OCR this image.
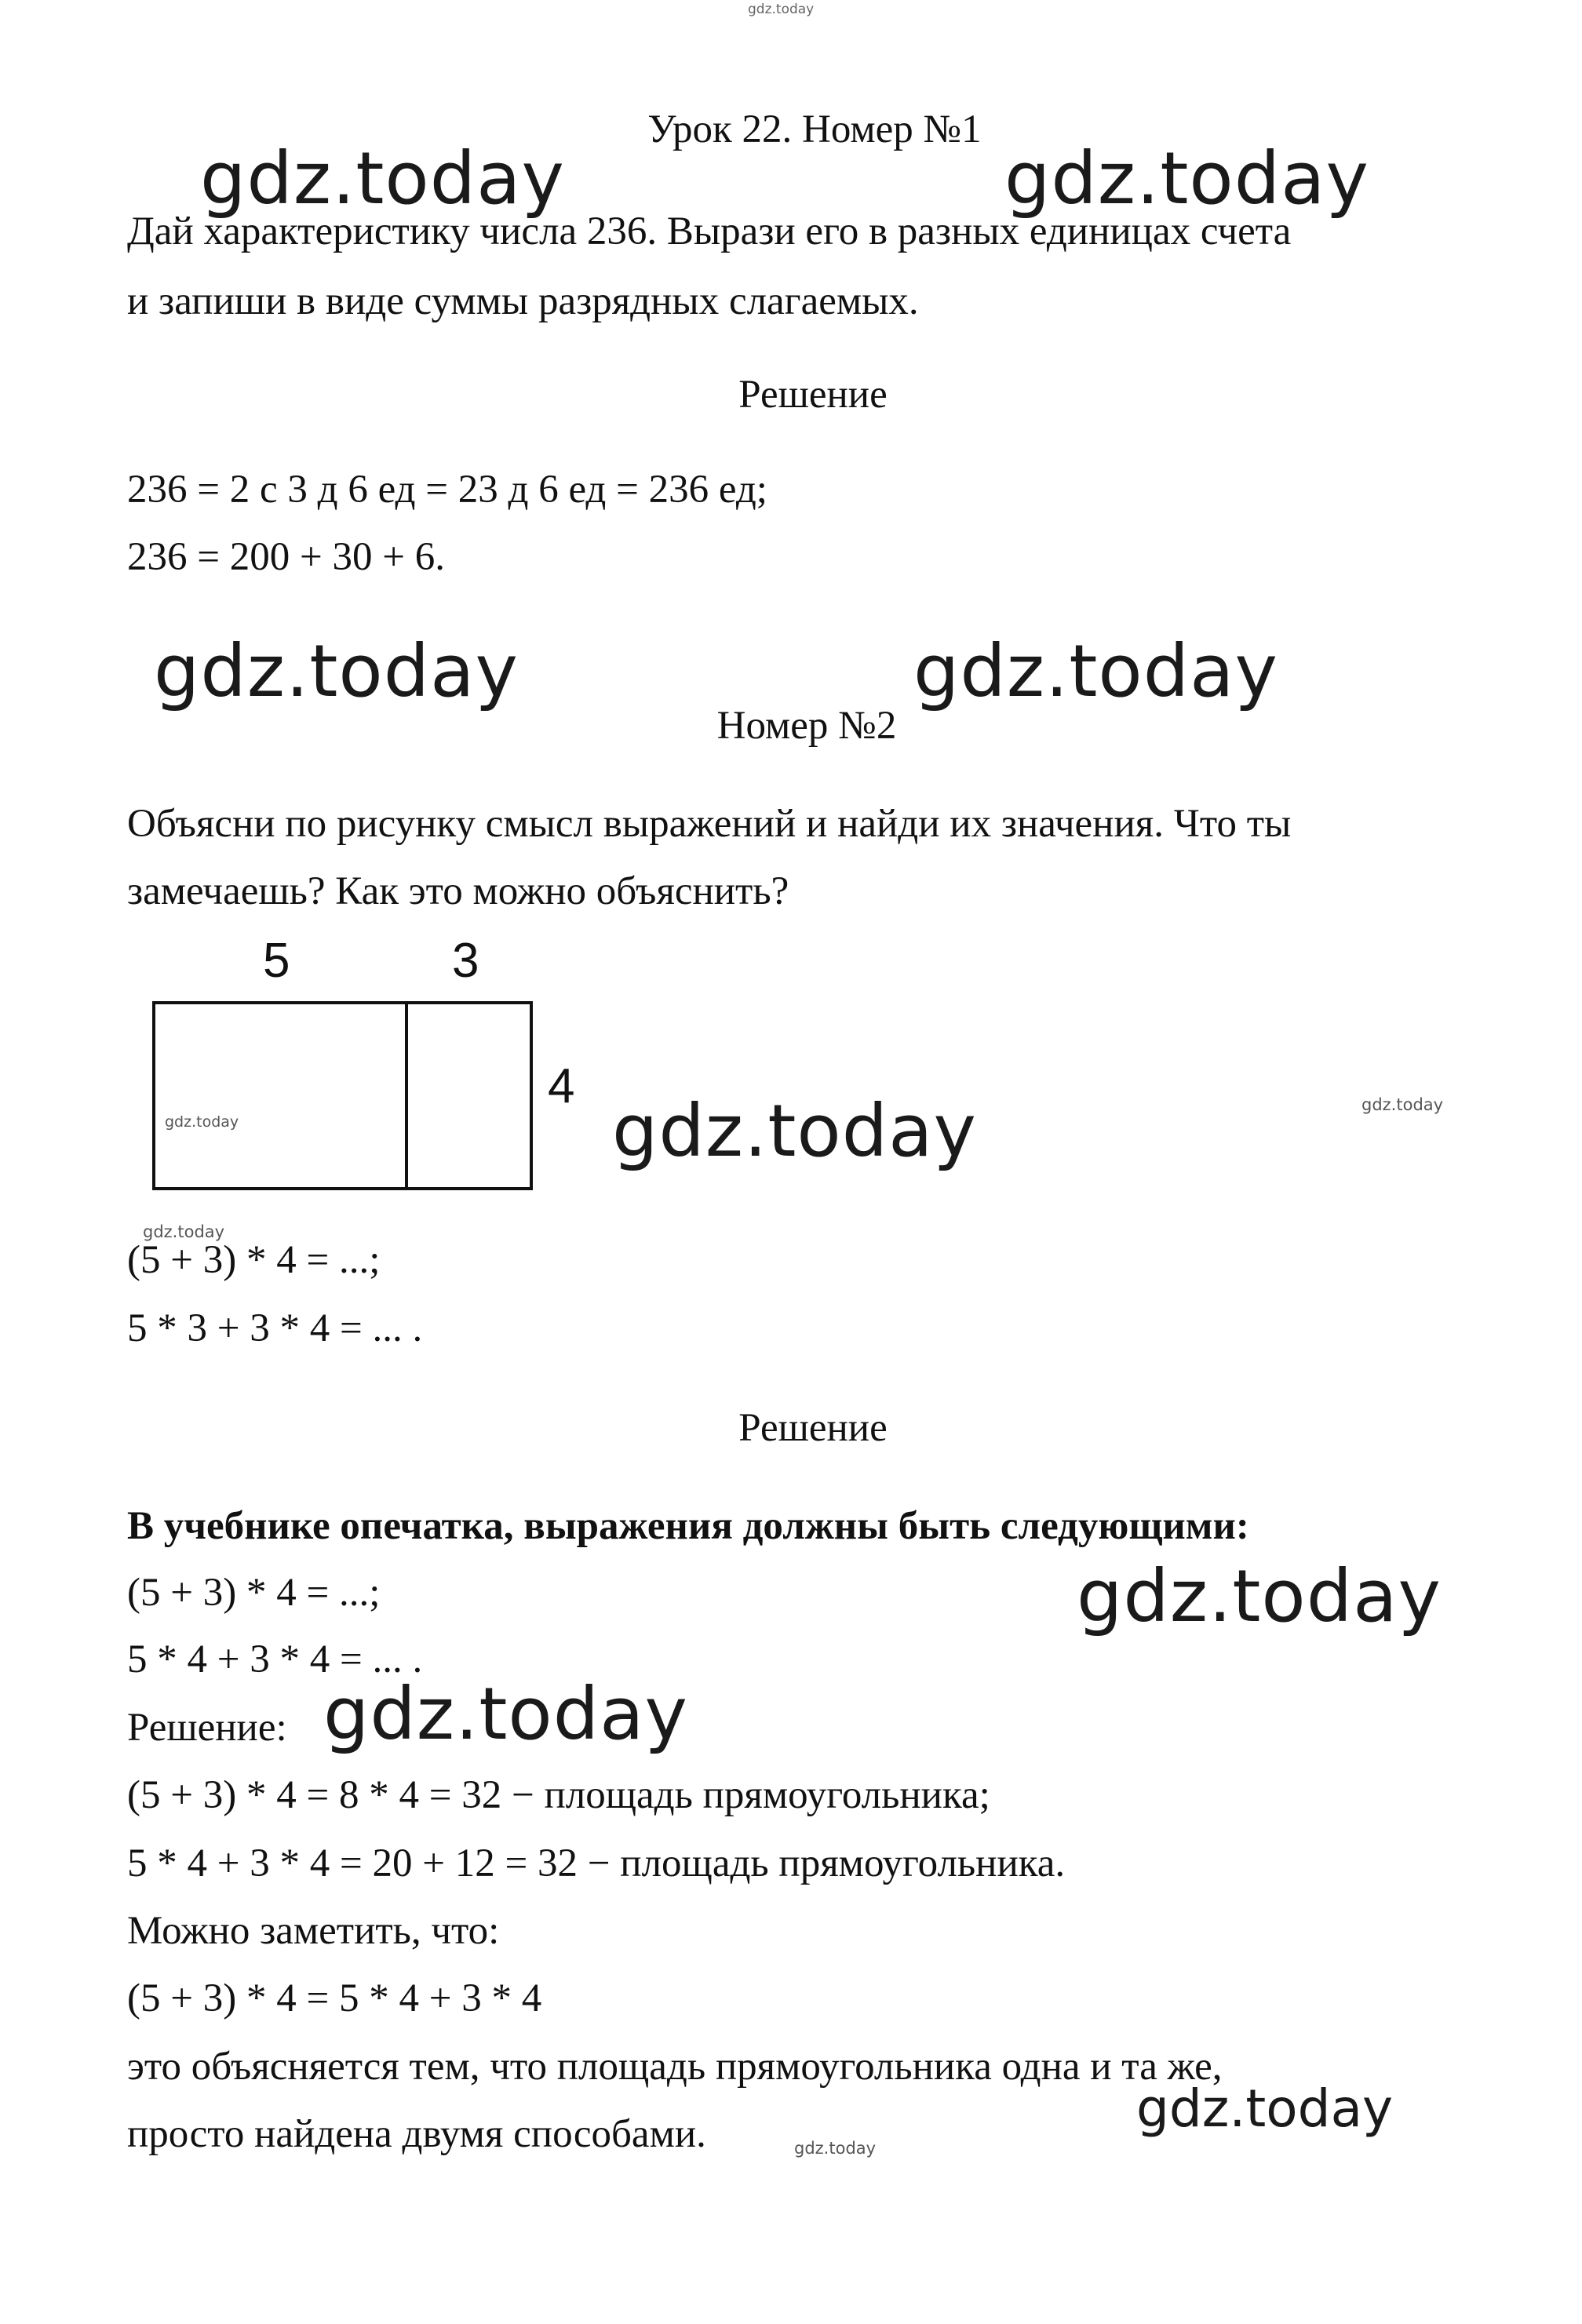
gdz.today
Урок 22. Номер №1
gdz.today	gdz.today
Дай характеристику числа 236. Вырази его в разных единицах счета
и запиши в виде суммы разрядных слагаемых.
Решение
236 = 2 с 3 д 6 ед = 23 д 6 ед = 236 ед;
236 = 200 + 30 + 6.
gdz.today	gdz.today
Номер №2
Объясни по рисунку смысл выражений и найди их значения. Что ты
замечаешь? Как это можно объяснить?
5	3
4
gdz.today	gdz.today	gdz.today
gdz.today
(5 + 3) * 4 = ...;
5 * 3 + 3 * 4 = ... .
Решение
В учебнике опечатка, выражения должны быть следующими:
(5 + 3) * 4 = ...;	gdz.today
5 * 4 + 3 * 4 = ... .
Решение: gdz.today
(5 + 3) * 4 = 8 * 4 = 32 − площадь прямоугольника;
5 * 4 + 3 * 4 = 20 + 12 = 32 − площадь прямоугольника.
Можно заметить, что:
(5 + 3) * 4 = 5 * 4 + 3 * 4
это объясняется тем, что площадь прямоугольника одна и та же,
gdz.today
просто найдена двумя способами.	gdz.today
